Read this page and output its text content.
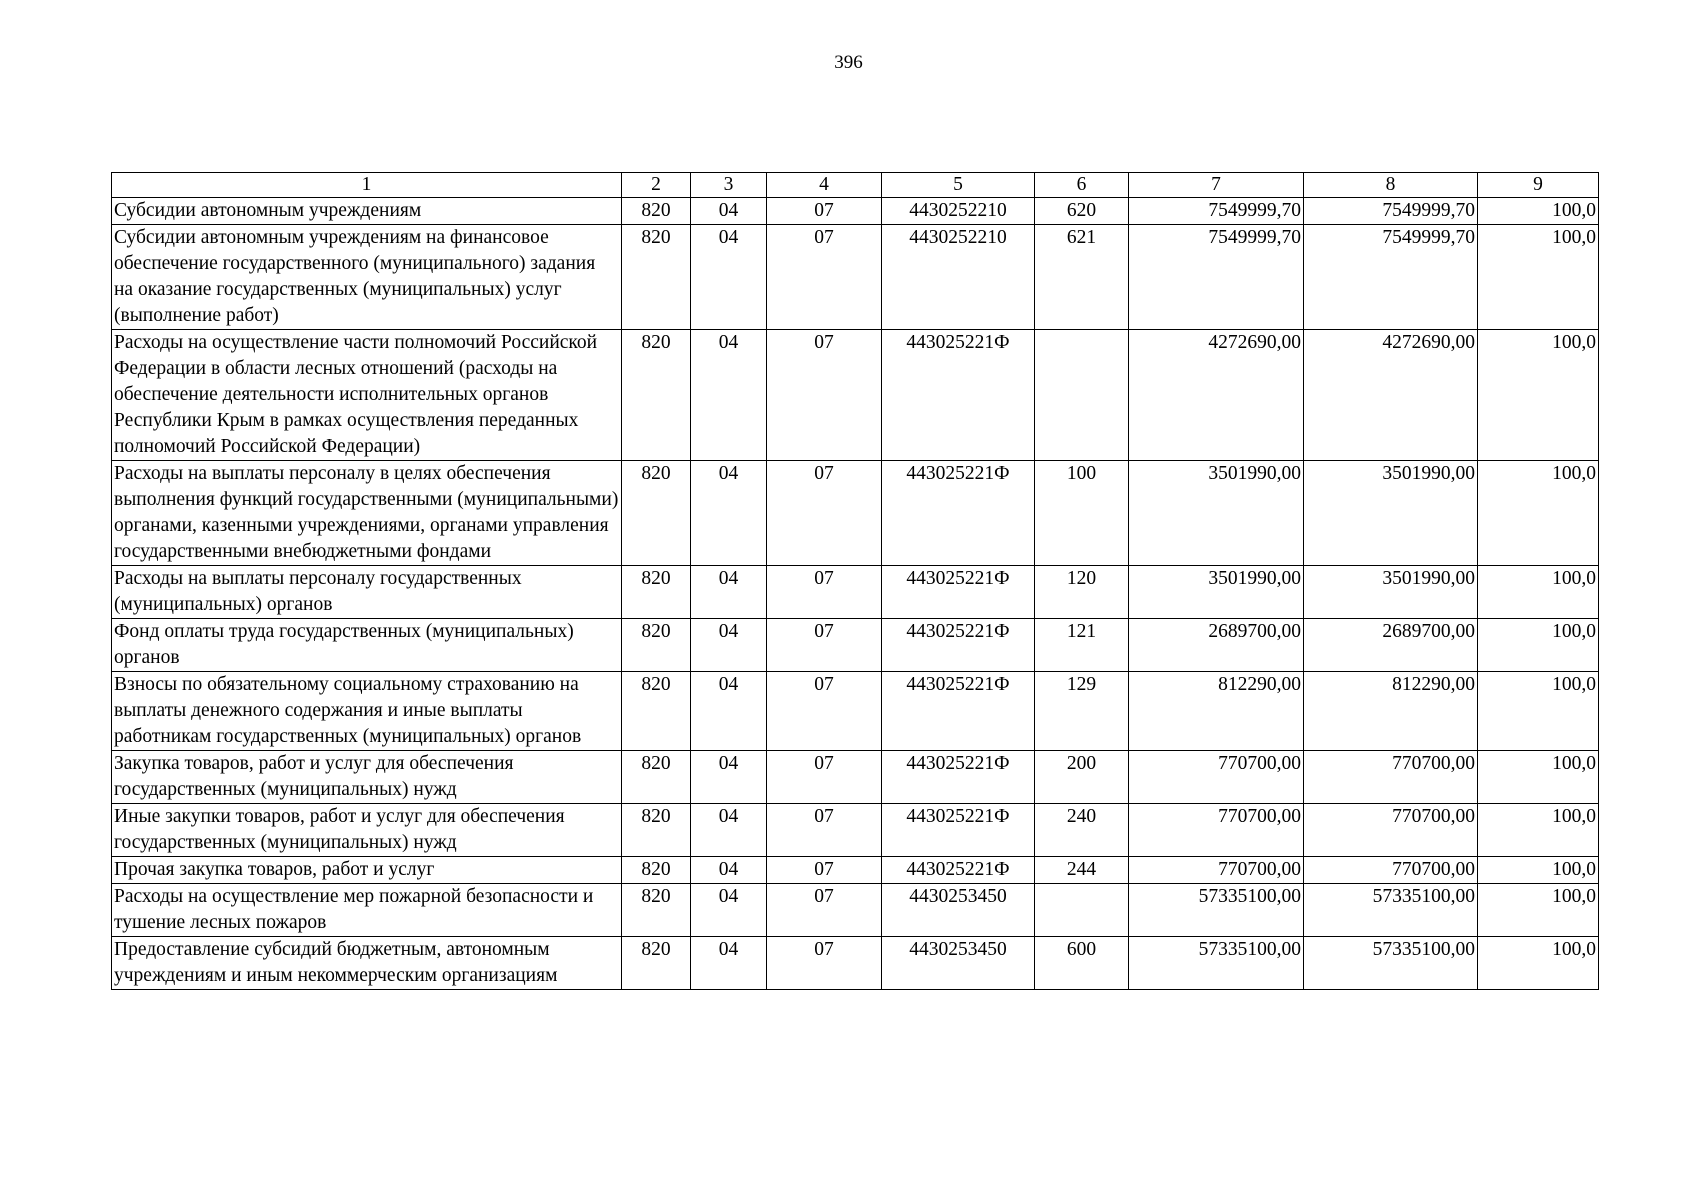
396
1	2	3	4	5	6	7	8	9
Субсидии автономным учреждениям	820	04	07	4430252210	620	7549999,70	7549999,70	100,0
Субсидии автономным учреждениям на финансовое обеспечение государственного (муниципального) задания на оказание государственных (муниципальных) услуг (выполнение работ)	820	04	07	4430252210	621	7549999,70	7549999,70	100,0
Расходы на осуществление части полномочий Российской Федерации в области лесных отношений (расходы на обеспечение деятельности исполнительных органов Республики Крым в рамках осуществления переданных полномочий Российской Федерации)	820	04	07	443025221Ф		4272690,00	4272690,00	100,0
Расходы на выплаты персоналу в целях обеспечения выполнения функций государственными (муниципальными) органами, казенными учреждениями, органами управления государственными внебюджетными фондами	820	04	07	443025221Ф	100	3501990,00	3501990,00	100,0
Расходы на выплаты персоналу государственных (муниципальных) органов	820	04	07	443025221Ф	120	3501990,00	3501990,00	100,0
Фонд оплаты труда государственных (муниципальных) органов	820	04	07	443025221Ф	121	2689700,00	2689700,00	100,0
Взносы по обязательному социальному страхованию на выплаты денежного содержания и иные выплаты работникам государственных (муниципальных) органов	820	04	07	443025221Ф	129	812290,00	812290,00	100,0
Закупка товаров, работ и услуг для обеспечения государственных (муниципальных) нужд	820	04	07	443025221Ф	200	770700,00	770700,00	100,0
Иные закупки товаров, работ и услуг для обеспечения государственных (муниципальных) нужд	820	04	07	443025221Ф	240	770700,00	770700,00	100,0
Прочая закупка товаров, работ и услуг	820	04	07	443025221Ф	244	770700,00	770700,00	100,0
Расходы на осуществление мер пожарной безопасности и тушение лесных пожаров	820	04	07	4430253450		57335100,00	57335100,00	100,0
Предоставление субсидий бюджетным, автономным учреждениям и иным некоммерческим организациям	820	04	07	4430253450	600	57335100,00	57335100,00	100,0
